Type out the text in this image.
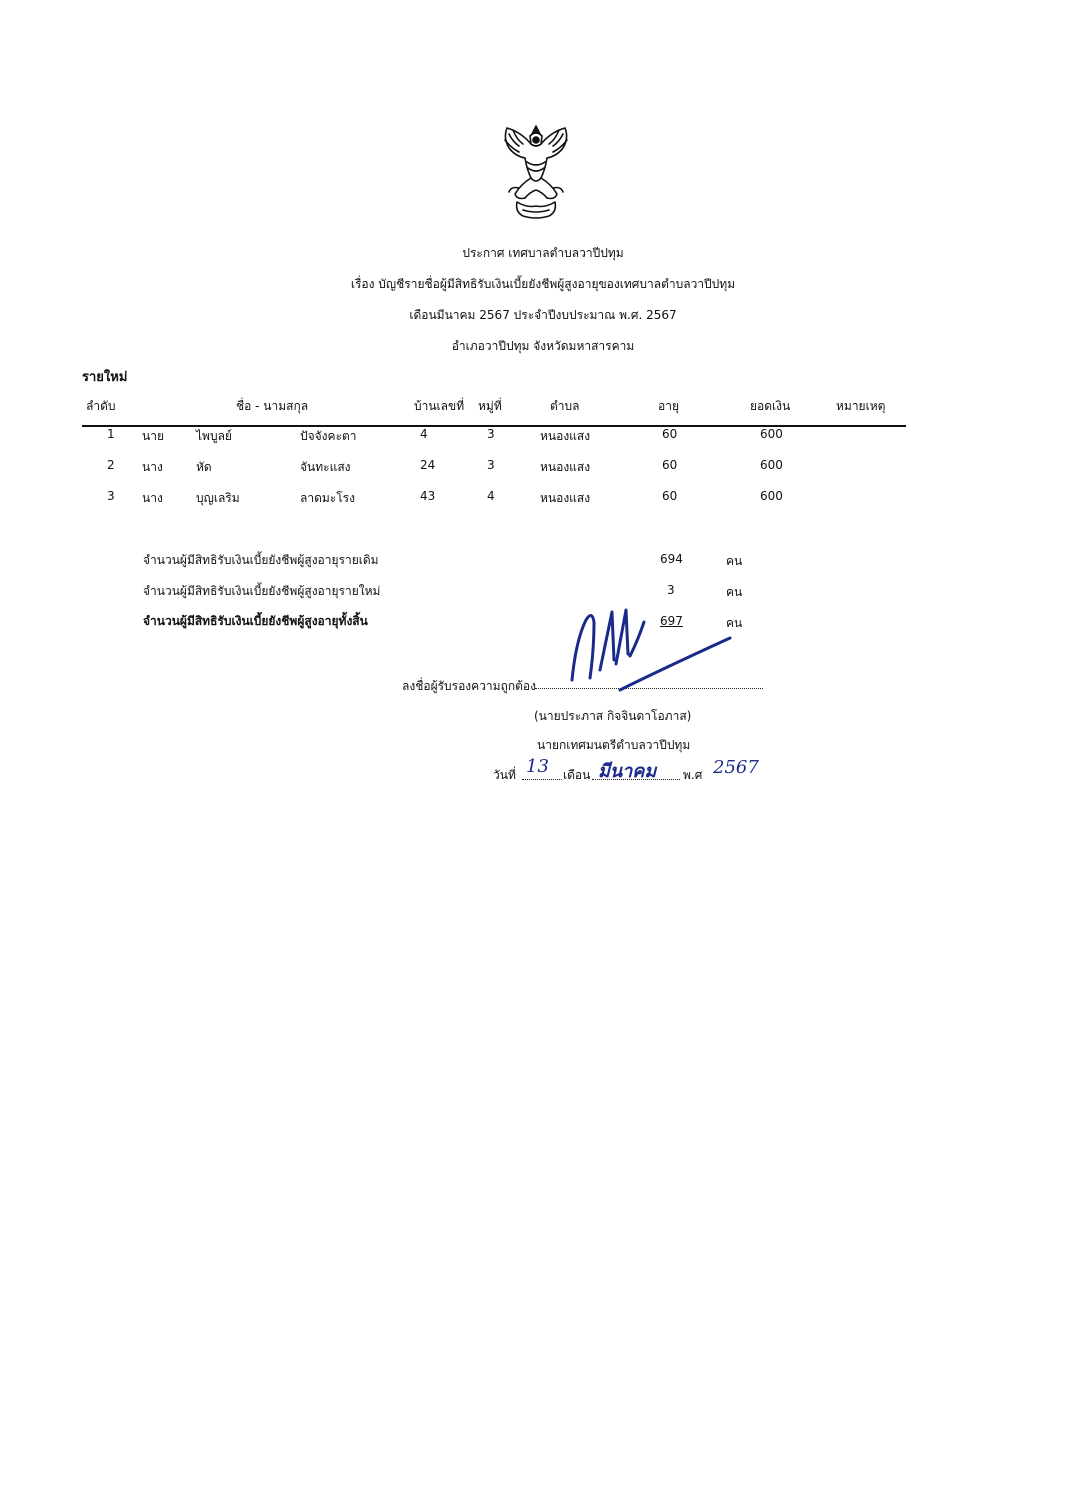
ประกาศ เทศบาลตำบลวาปีปทุม
เรื่อง บัญชีรายชื่อผู้มีสิทธิรับเงินเบี้ยยังชีพผู้สูงอายุของเทศบาลตำบลวาปีปทุม
เดือนมีนาคม 2567 ประจำปีงบประมาณ พ.ศ. 2567
อำเภอวาปีปทุม จังหวัดมหาสารคาม
รายใหม่
ลำดับ	ชื่อ - นามสกุล	บ้านเลขที่ หมู่ที่	ตำบล	อายุ	ยอดเงิน	หมายเหตุ
1 นาย	ไพบูลย์	ปัจจังคะตา	4	3	หนองแสง	60	600
2 นาง	หัด	จันทะแสง	24	3	หนองแสง	60	600
3 นาง	บุญเลริม	ลาดมะโรง	43	4	หนองแสง	60	600
จำนวนผู้มีสิทธิรับเงินเบี้ยยังชีพผู้สูงอายุรายเดิม	694	คน
จำนวนผู้มีสิทธิรับเงินเบี้ยยังชีพผู้สูงอายุรายใหม่	3	คน
จำนวนผู้มีสิทธิรับเงินเบี้ยยังชีพผู้สูงอายุทั้งสิ้น	697	คน
ลงชื่อผู้รับรองความถูกต้อง
(นายประภาส กิจจินดาโอภาส)
นายกเทศมนตรีตำบลวาปีปทุม
วันที่ 13 เดือน มีนาคม พ.ศ 2567
